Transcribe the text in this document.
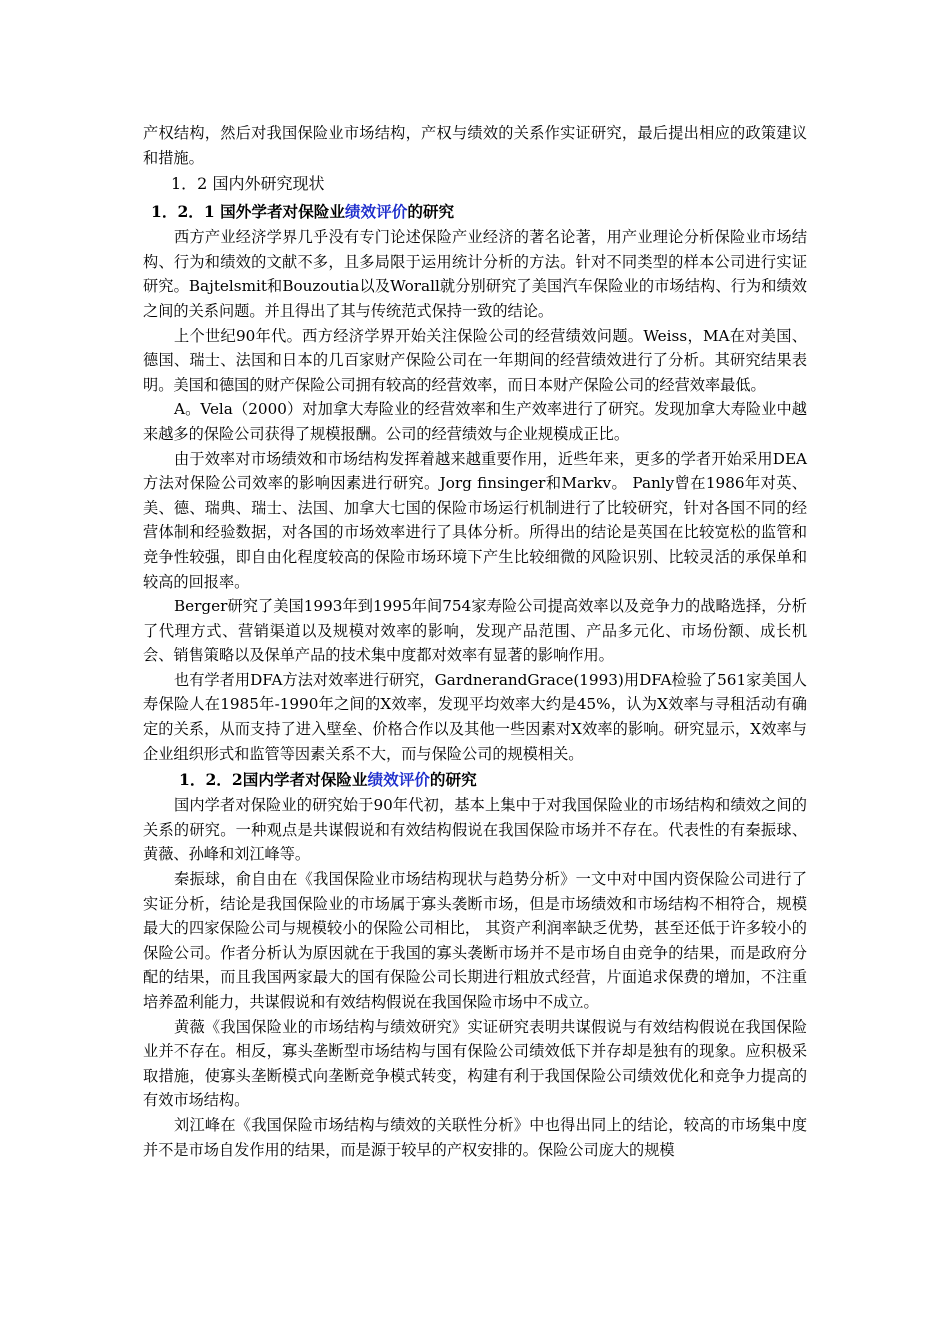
产权结构，然后对我国保险业市场结构，产权与绩效的关系作实证研究，最后提出相应的政策建议和措施。

1．2 国内外研究现状
1．2．1 国外学者对保险业绩效评价的研究

西方产业经济学界几乎没有专门论述保险产业经济的著名论著，用产业理论分析保险业市场结构、行为和绩效的文献不多，且多局限于运用统计分析的方法。针对不同类型的样本公司进行实证研究。Bajtelsmit和Bouzoutia以及Worall就分别研究了美国汽车保险业的市场结构、行为和绩效之间的关系问题。并且得出了其与传统范式保持一致的结论。

上个世纪90年代。西方经济学界开始关注保险公司的经营绩效问题。Weiss，MA在对美国、德国、瑞士、法国和日本的几百家财产保险公司在一年期间的经营绩效进行了分析。其研究结果表明。美国和德国的财产保险公司拥有较高的经营效率，而日本财产保险公司的经营效率最低。

A。Vela（2000）对加拿大寿险业的经营效率和生产效率进行了研究。发现加拿大寿险业中越来越多的保险公司获得了规模报酬。公司的经营绩效与企业规模成正比。

由于效率对市场绩效和市场结构发挥着越来越重要作用，近些年来，更多的学者开始采用DEA方法对保险公司效率的影响因素进行研究。Jorg finsinger和Markv。 Panly曾在1986年对英、美、德、瑞典、瑞士、法国、加拿大七国的保险市场运行机制进行了比较研究，针对各国不同的经营体制和经验数据，对各国的市场效率进行了具体分析。所得出的结论是英国在比较宽松的监管和竞争性较强，即自由化程度较高的保险市场环境下产生比较细微的风险识别、比较灵活的承保单和较高的回报率。

Berger研究了美国1993年到1995年间754家寿险公司提高效率以及竞争力的战略选择，分析了代理方式、营销渠道以及规模对效率的影响，发现产品范围、产品多元化、市场份额、成长机会、销售策略以及保单产品的技术集中度都对效率有显著的影响作用。

也有学者用DFA方法对效率进行研究，GardnerandGrace(1993)用DFA检验了561家美国人寿保险人在1985年-1990年之间的X效率，发现平均效率大约是45%，认为X效率与寻租活动有确定的关系，从而支持了进入壁垒、价格合作以及其他一些因素对X效率的影响。研究显示，X效率与企业组织形式和监管等因素关系不大，而与保险公司的规模相关。

1．2．2国内学者对保险业绩效评价的研究

国内学者对保险业的研究始于90年代初，基本上集中于对我国保险业的市场结构和绩效之间的关系的研究。一种观点是共谋假说和有效结构假说在我国保险市场并不存在。代表性的有秦振球、黄薇、孙峰和刘江峰等。

秦振球，俞自由在《我国保险业市场结构现状与趋势分析》一文中对中国内资保险公司进行了实证分析，结论是我国保险业的市场属于寡头袭断市场，但是市场绩效和市场结构不相符合，规模最大的四家保险公司与规模较小的保险公司相比， 其资产利润率缺乏优势，甚至还低于许多较小的保险公司。作者分析认为原因就在于我国的寡头袭断市场并不是市场自由竞争的结果，而是政府分配的结果，而且我国两家最大的国有保险公司长期进行粗放式经营，片面追求保费的增加，不注重培养盈利能力，共谋假说和有效结构假说在我国保险市场中不成立。

黄薇《我国保险业的市场结构与绩效研究》实证研究表明共谋假说与有效结构假说在我国保险业并不存在。相反，寡头垄断型市场结构与国有保险公司绩效低下并存却是独有的现象。应积极采取措施，使寡头垄断模式向垄断竞争模式转变，构建有利于我国保险公司绩效优化和竞争力提高的有效市场结构。

刘江峰在《我国保险市场结构与绩效的关联性分析》中也得出同上的结论，较高的市场集中度并不是市场自发作用的结果，而是源于较早的产权安排的。保险公司庞大的规模
